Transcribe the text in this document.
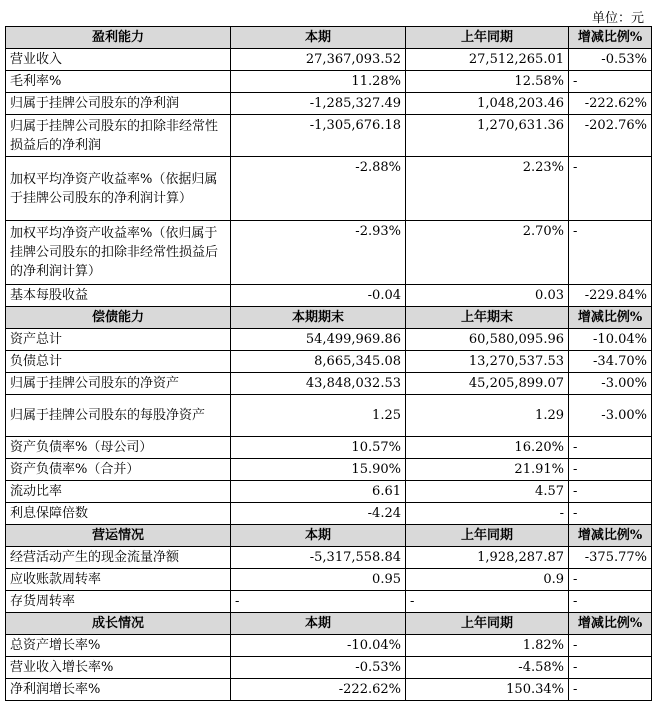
单位：元
盈利能力	本期	上年同期	增减比例%
营业收入	27,367,093.52	27,512,265.01	-0.53%
毛利率%	11.28%	12.58%	-
归属于挂牌公司股东的净利润	-1,285,327.49	1,048,203.46	-222.62%
归属于挂牌公司股东的扣除非经常性损益后的净利润	-1,305,676.18	1,270,631.36	-202.76%
加权平均净资产收益率%（依据归属于挂牌公司股东的净利润计算）	-2.88%	2.23%	-
加权平均净资产收益率%（依归属于挂牌公司股东的扣除非经常性损益后的净利润计算）	-2.93%	2.70%	-
基本每股收益	-0.04	0.03	-229.84%
偿债能力	本期期末	上年期末	增减比例%
资产总计	54,499,969.86	60,580,095.96	-10.04%
负债总计	8,665,345.08	13,270,537.53	-34.70%
归属于挂牌公司股东的净资产	43,848,032.53	45,205,899.07	-3.00%
归属于挂牌公司股东的每股净资产	1.25	1.29	-3.00%
资产负债率%（母公司）	10.57%	16.20%	-
资产负债率%（合并）	15.90%	21.91%	-
流动比率	6.61	4.57	-
利息保障倍数	-4.24	-	-
营运情况	本期	上年同期	增减比例%
经营活动产生的现金流量净额	-5,317,558.84	1,928,287.87	-375.77%
应收账款周转率	0.95	0.9	-
存货周转率	-	-	-
成长情况	本期	上年同期	增减比例%
总资产增长率%	-10.04%	1.82%	-
营业收入增长率%	-0.53%	-4.58%	-
净利润增长率%	-222.62%	150.34%	-
